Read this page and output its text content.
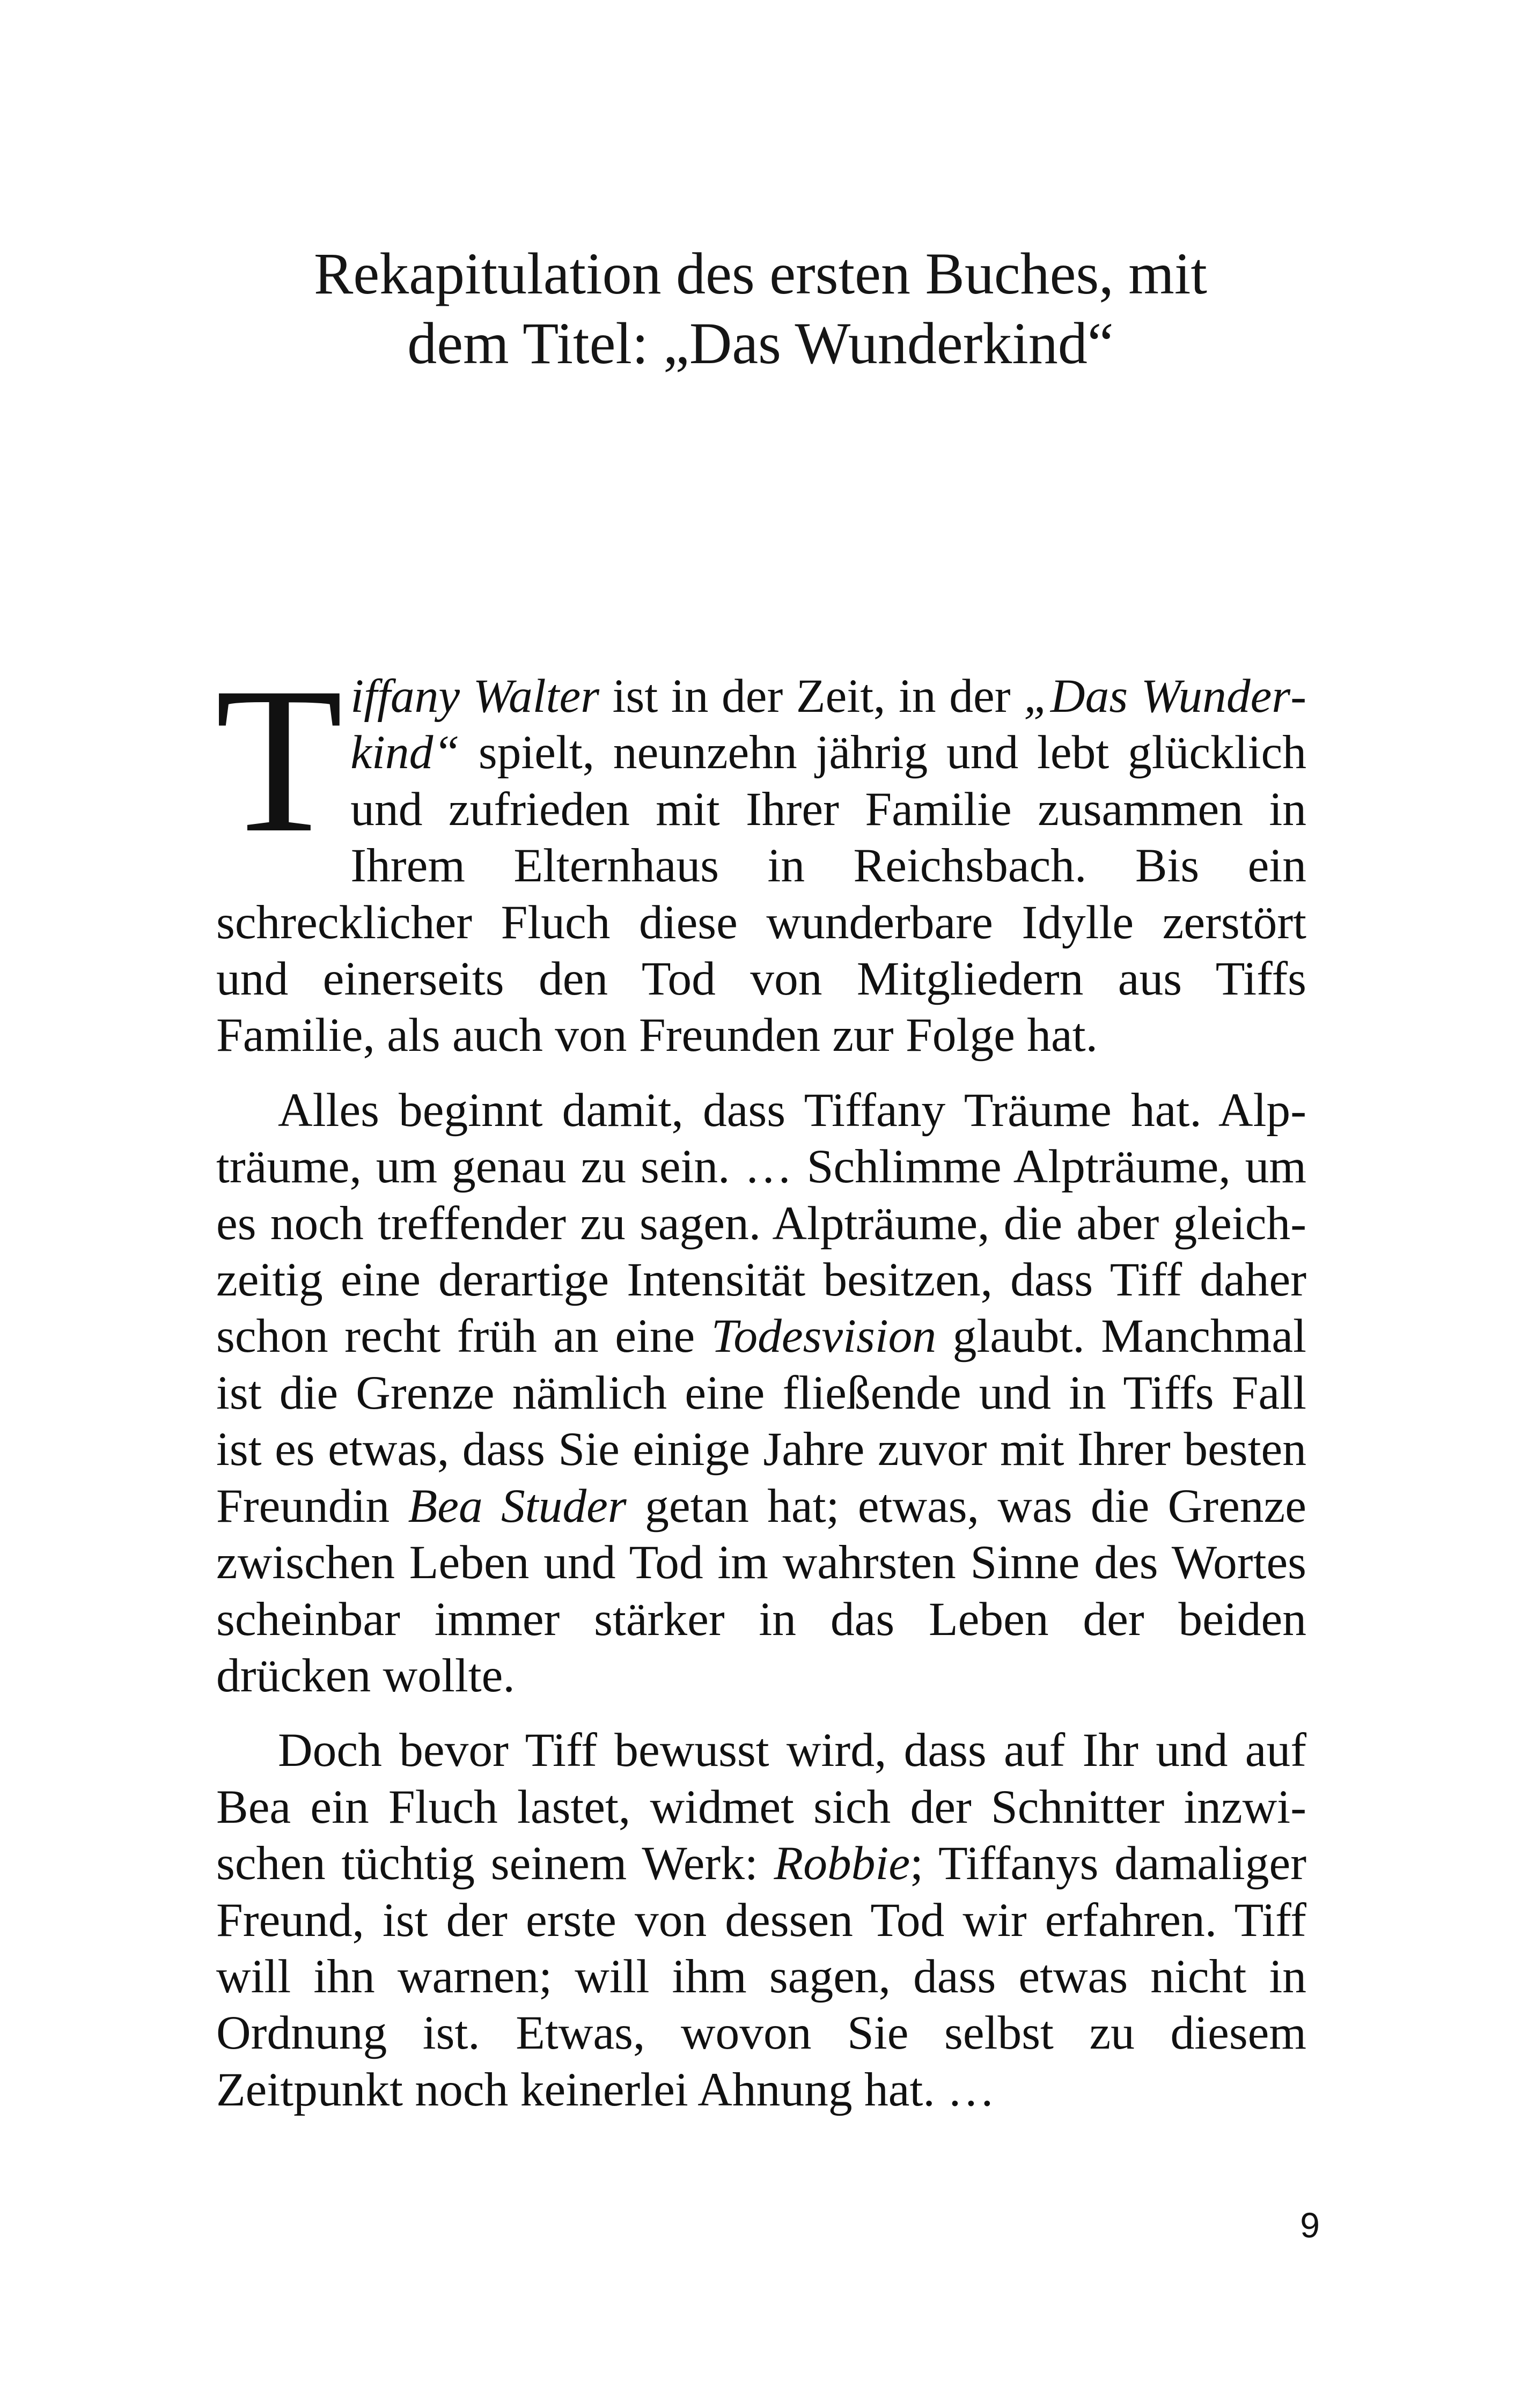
Rekapitulation des ersten Buches, mit
dem Titel: „Das Wunderkind“

Tiffany Walter ist in der Zeit, in der „Das Wunderkind“ spielt, neunzehn jährig und lebt glücklich und zufrieden mit Ihrer Familie zusammen in Ihrem Elternhaus in Reichsbach. Bis ein schrecklicher Fluch diese wunderbare Idylle zerstört und einerseits den Tod von Mitgliedern aus Tiffs Familie, als auch von Freunden zur Folge hat.

Alles beginnt damit, dass Tiffany Träume hat. Alpträume, um genau zu sein. … Schlimme Alpträume, um es noch treffender zu sagen. Alpträume, die aber gleichzeitig eine derartige Intensität besitzen, dass Tiff daher schon recht früh an eine Todesvision glaubt. Manchmal ist die Grenze nämlich eine fließende und in Tiffs Fall ist es etwas, dass Sie einige Jahre zuvor mit Ihrer besten Freundin Bea Studer getan hat; etwas, was die Grenze zwischen Leben und Tod im wahrsten Sinne des Wortes scheinbar immer stärker in das Leben der beiden drücken wollte.

Doch bevor Tiff bewusst wird, dass auf Ihr und auf Bea ein Fluch lastet, widmet sich der Schnitter inzwischen tüchtig seinem Werk: Robbie; Tiffanys damaliger Freund, ist der erste von dessen Tod wir erfahren. Tiff will ihn warnen; will ihm sagen, dass etwas nicht in Ordnung ist. Etwas, wovon Sie selbst zu diesem Zeitpunkt noch keinerlei Ahnung hat. …

9
